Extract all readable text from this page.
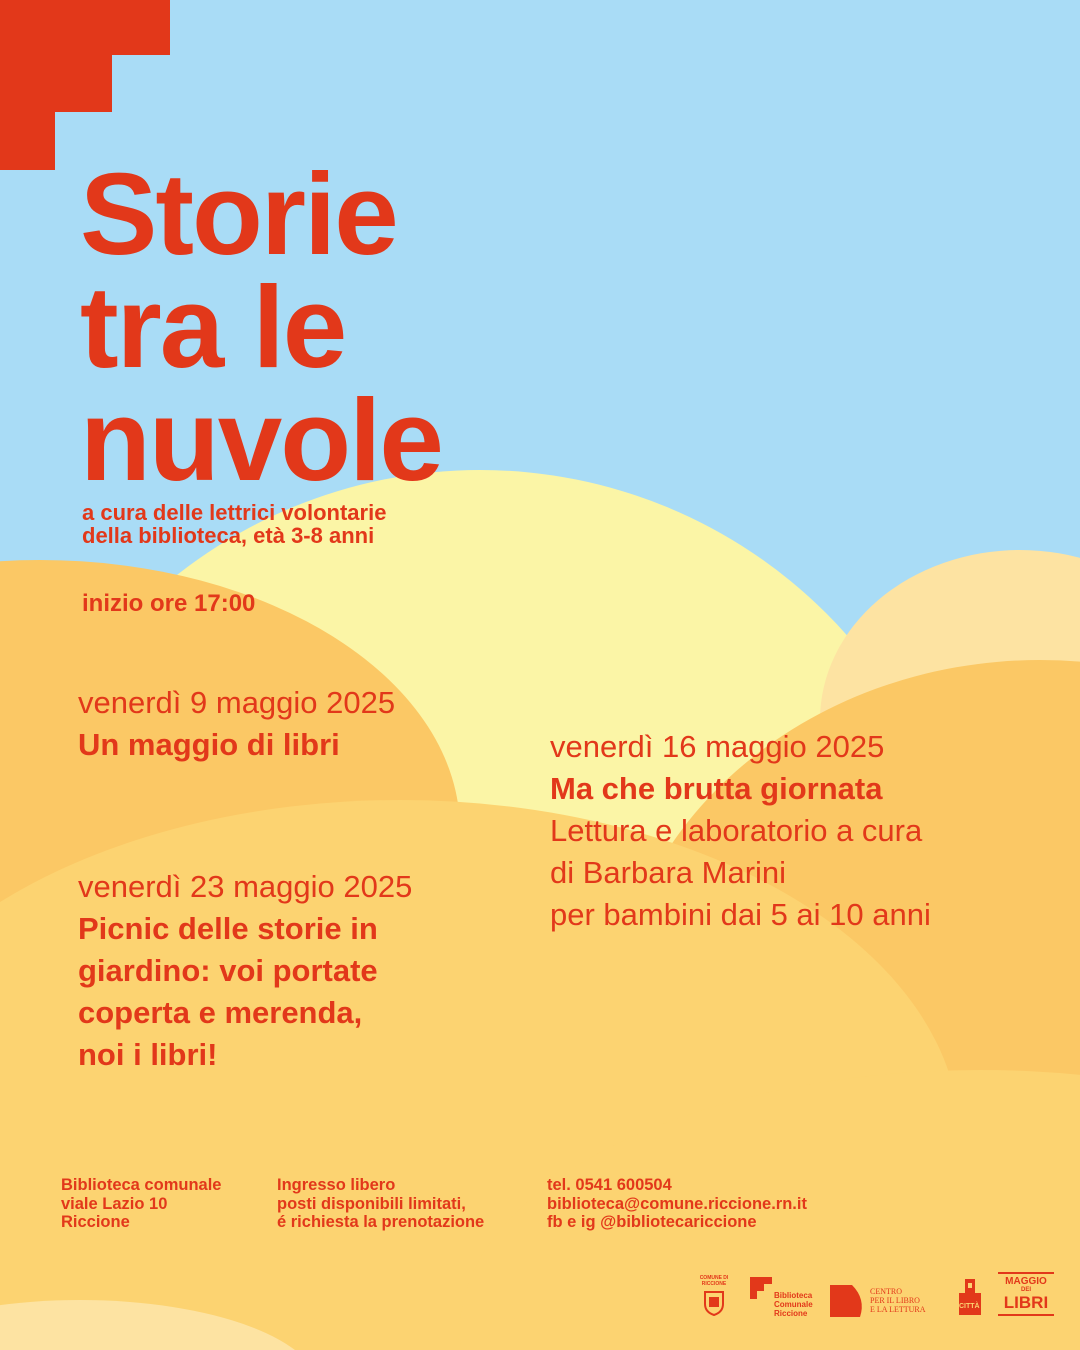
Storie
tra le
nuvole
a cura delle lettrici volontarie
della biblioteca, età 3-8 anni
inizio ore 17:00
venerdì 9 maggio 2025
Un maggio di libri	venerdì 16 maggio 2025
Ma che brutta giornata
Lettura e laboratorio a cura
di Barbara Marini
per bambini dai 5 ai 10 anni
venerdì 23 maggio 2025
Picnic delle storie in
giardino: voi portate
coperta e merenda,
noi i libri!
Biblioteca comunale
viale Lazio 10
Riccione
Ingresso libero
posti disponibili limitati,
é richiesta la prenotazione
tel. 0541 600504
biblioteca@comune.riccione.rn.it
fb e ig @bibliotecariccione
COMUNE DI
RICCIONE
Biblioteca
Comunale
Riccione
CENTRO
PER IL LIBRO
E LA LETTURA	CITTÀ
MAGGIO
DEI
LIBRI
